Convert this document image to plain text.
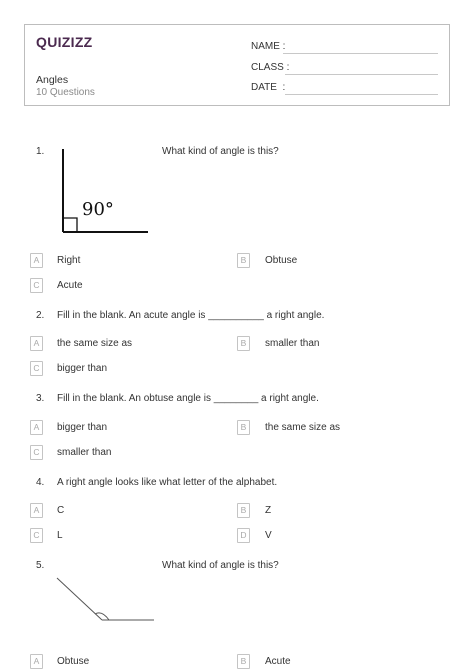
QUIZIZZ
Angles
10 Questions
NAME :
CLASS :
DATE  :
1.	What kind of angle is this?
90°
A	Right	B	Obtuse
C	Acute
2. Fill in the blank. An acute angle is __________ a right angle.
A	the same size as	B	smaller than
C	bigger than
3. Fill in the blank. An obtuse angle is ________ a right angle.
A	bigger than	B	the same size as
C	smaller than
4. A right angle looks like what letter of the alphabet.
A	C	B	Z
C	L	D	V
5.	What kind of angle is this?
A	Obtuse	B	Acute
